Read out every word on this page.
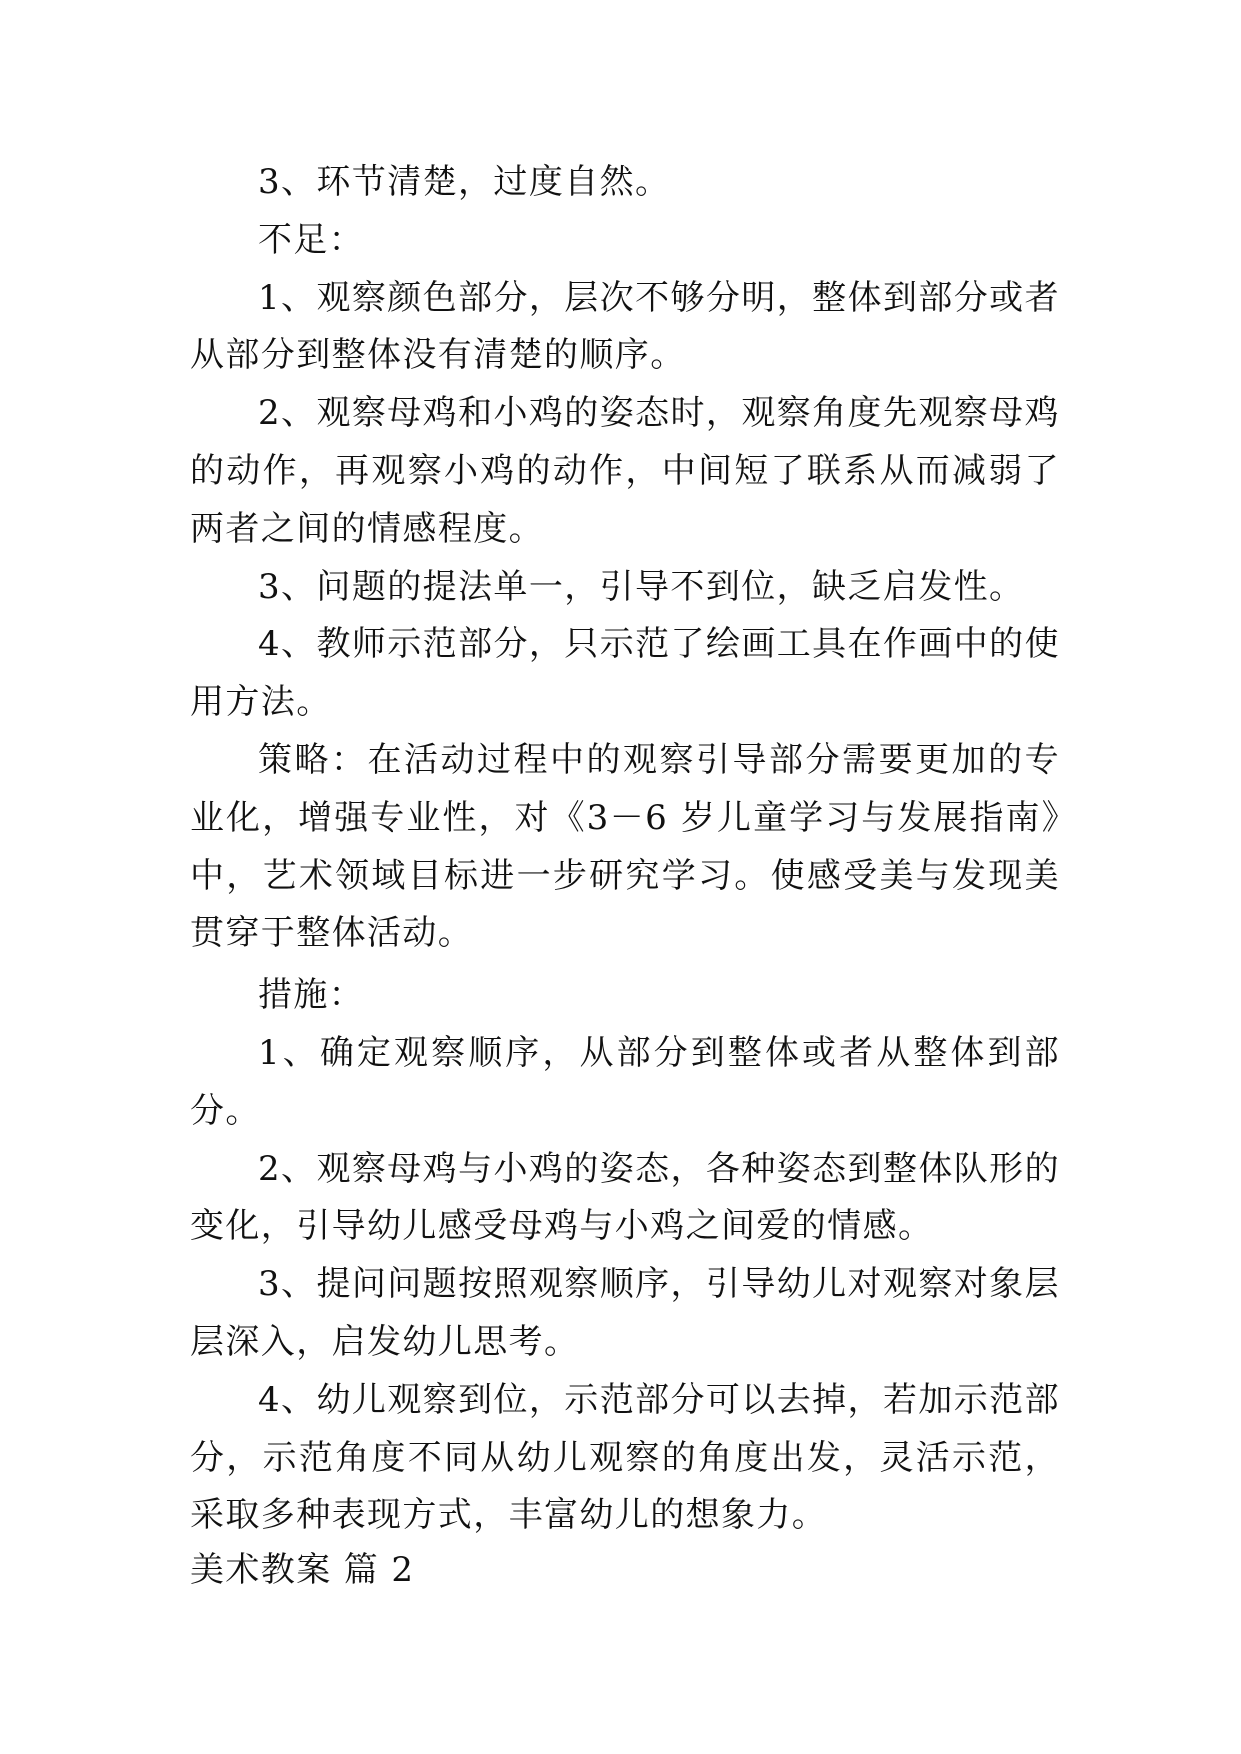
3、环节清楚，过度自然。

不足：

1、观察颜色部分，层次不够分明，整体到部分或者从部分到整体没有清楚的顺序。

2、观察母鸡和小鸡的姿态时，观察角度先观察母鸡的动作，再观察小鸡的动作，中间短了联系从而减弱了两者之间的情感程度。

3、问题的提法单一，引导不到位，缺乏启发性。

4、教师示范部分，只示范了绘画工具在作画中的使用方法。

策略：在活动过程中的观察引导部分需要更加的专业化，增强专业性，对《3－6 岁儿童学习与发展指南》中，艺术领域目标进一步研究学习。使感受美与发现美贯穿于整体活动。

措施：

1、确定观察顺序，从部分到整体或者从整体到部分。

2、观察母鸡与小鸡的姿态，各种姿态到整体队形的变化，引导幼儿感受母鸡与小鸡之间爱的情感。

3、提问问题按照观察顺序，引导幼儿对观察对象层层深入，启发幼儿思考。

4、幼儿观察到位，示范部分可以去掉，若加示范部分，示范角度不同从幼儿观察的角度出发，灵活示范，采取多种表现方式，丰富幼儿的想象力。

美术教案 篇 2
